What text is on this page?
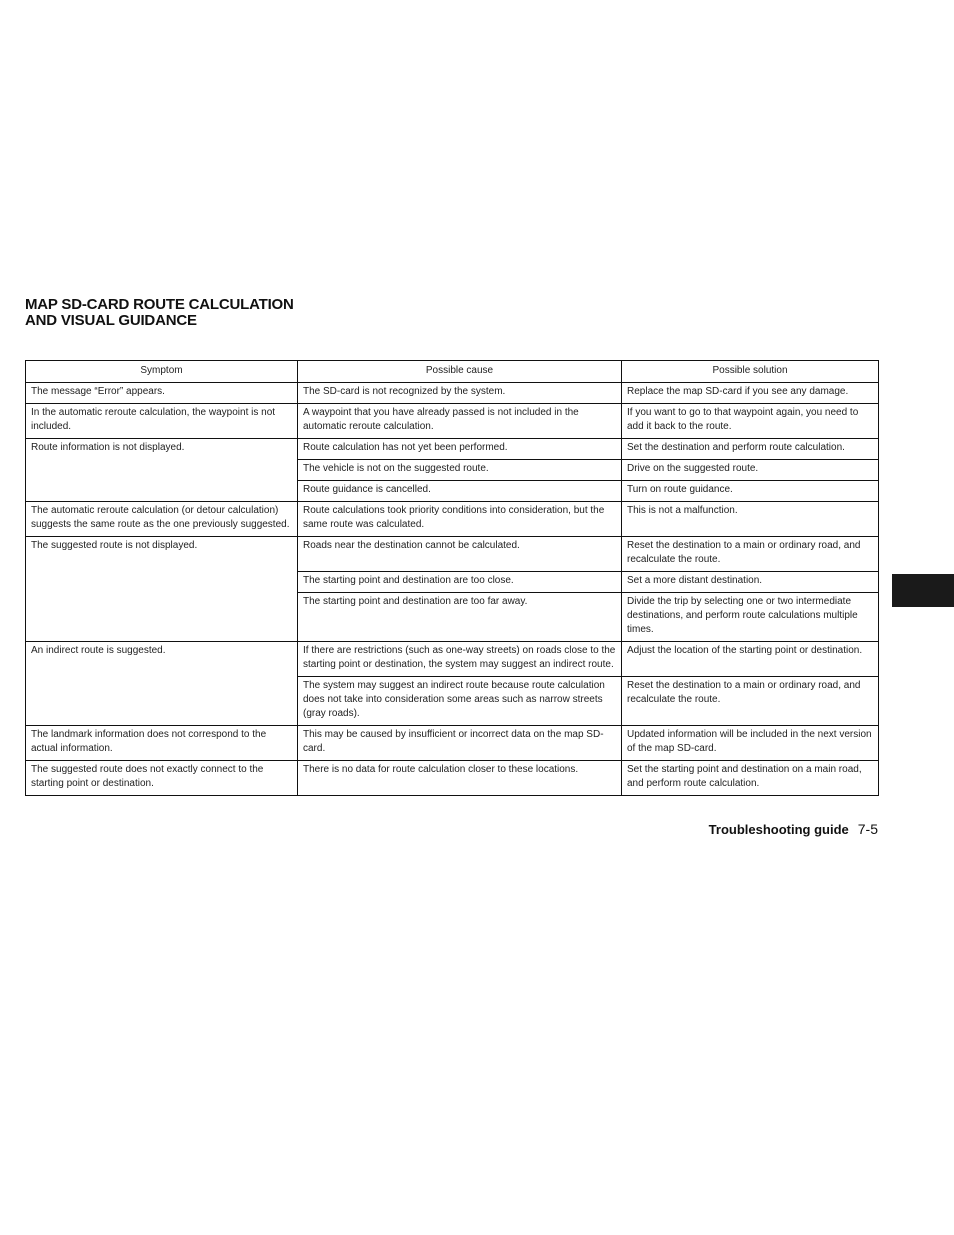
MAP SD-CARD ROUTE CALCULATION
AND VISUAL GUIDANCE
Symptom	Possible cause	Possible solution
The message “Error” appears.	The SD-card is not recognized by the system.	Replace the map SD-card if you see any damage.
In the automatic reroute calculation, the waypoint is not included.	A waypoint that you have already passed is not included in the automatic reroute calculation.	If you want to go to that waypoint again, you need to add it back to the route.
Route information is not displayed.	Route calculation has not yet been performed.	Set the destination and perform route calculation.
	The vehicle is not on the suggested route.	Drive on the suggested route.
	Route guidance is cancelled.	Turn on route guidance.
The automatic reroute calculation (or detour calculation) suggests the same route as the one previously suggested.	Route calculations took priority conditions into consideration, but the same route was calculated.	This is not a malfunction.
The suggested route is not displayed.	Roads near the destination cannot be calculated.	Reset the destination to a main or ordinary road, and recalculate the route.
	The starting point and destination are too close.	Set a more distant destination.
	The starting point and destination are too far away.	Divide the trip by selecting one or two intermediate destinations, and perform route calculations multiple times.
An indirect route is suggested.	If there are restrictions (such as one-way streets) on roads close to the starting point or destination, the system may suggest an indirect route.	Adjust the location of the starting point or destination.
	The system may suggest an indirect route because route calculation does not take into consideration some areas such as narrow streets (gray roads).	Reset the destination to a main or ordinary road, and recalculate the route.
The landmark information does not correspond to the actual information.	This may be caused by insufficient or incorrect data on the map SD-card.	Updated information will be included in the next version of the map SD-card.
The suggested route does not exactly connect to the starting point or destination.	There is no data for route calculation closer to these locations.	Set the starting point and destination on a main road, and perform route calculation.
Troubleshooting guide 7-5
